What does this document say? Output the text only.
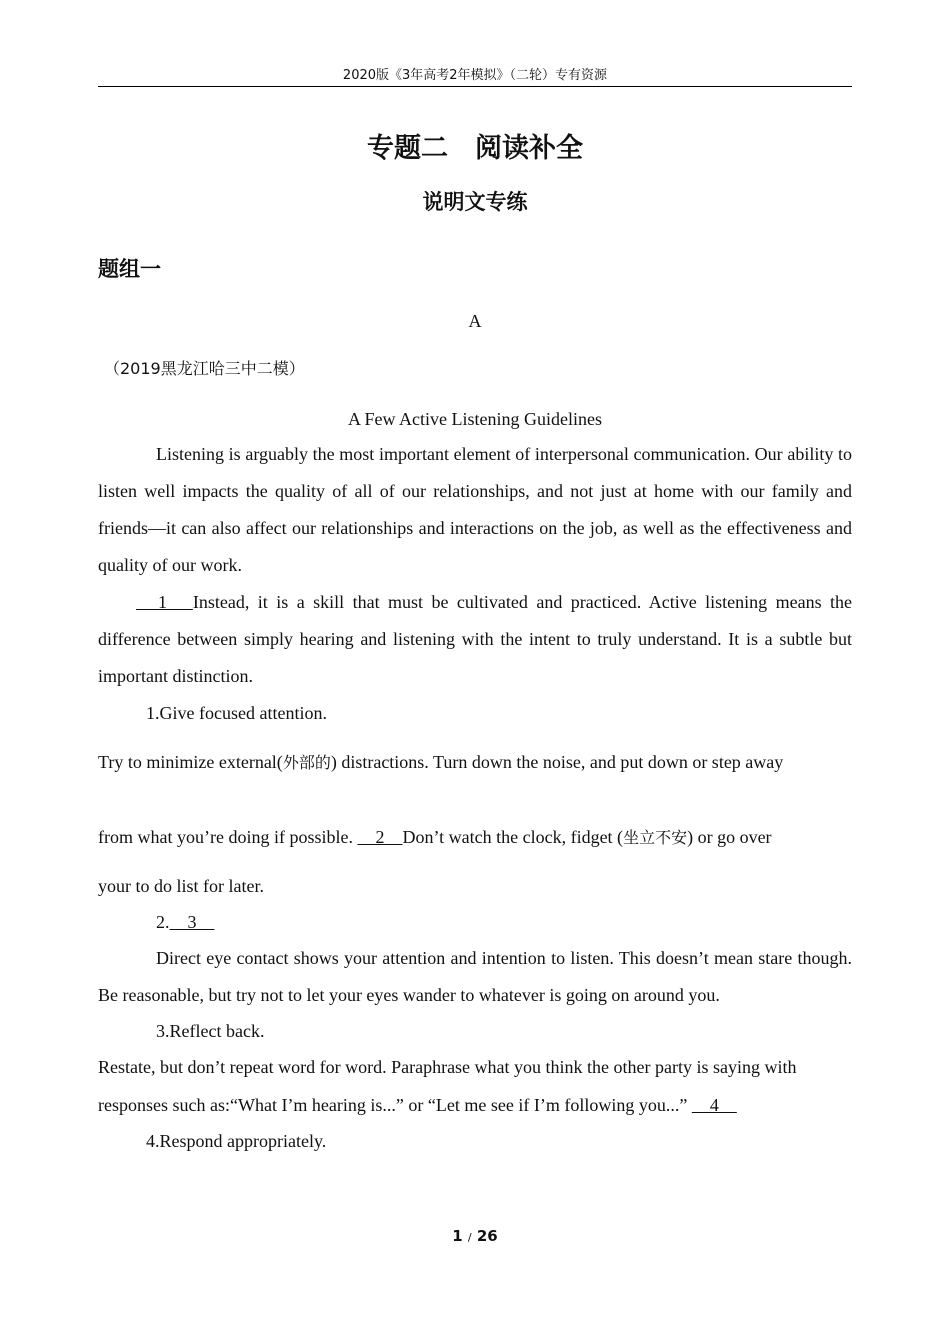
2020版《3年高考2年模拟》（二轮）专有资源
专题二　阅读补全
说明文专练
题组一
A
（2019黑龙江哈三中二模）
A Few Active Listening Guidelines
Listening is arguably the most important element of interpersonal communication. Our ability to listen well impacts the quality of all of our relationships, and not just at home with our family and friends—it can also affect our relationships and interactions on the job, as well as the effectiveness and quality of our work.
　1　Instead, it is a skill that must be cultivated and practiced. Active listening means the difference between simply hearing and listening with the intent to truly understand. It is a subtle but important distinction.
1.Give focused attention.
Try to minimize external(外部的) distractions. Turn down the noise, and put down or step away
from what you’re doing if possible. 　2　Don’t watch the clock, fidget (坐立不安) or go over
your to do list for later.
2.　3　
Direct eye contact shows your attention and intention to listen. This doesn’t mean stare though. Be reasonable, but try not to let your eyes wander to whatever is going on around you.
3.Reflect back.
Restate, but don’t repeat word for word. Paraphrase what you think the other party is saying with
responses such as:“What I’m hearing is...” or “Let me see if I’m following you...” 　4　
4.Respond appropriately.
1 / 26
